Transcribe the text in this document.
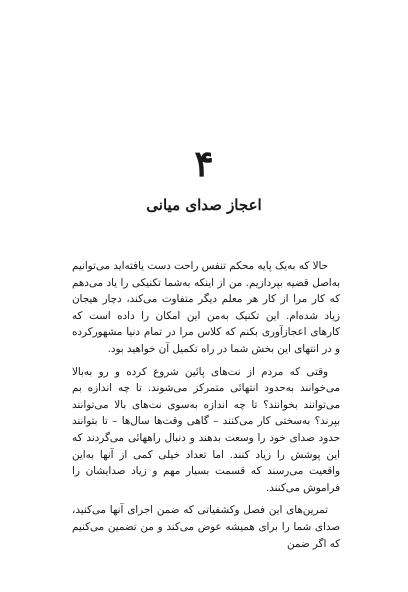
۴
اعجاز صدای میانی

حالا که به‌یک پایه محکم تنفس راحت دست یافته‌اید می‌توانیم به‌اصل قضیه بپردازیم. من از اینکه به‌شما تکنیکی را یاد می‌دهم که کار مرا از کار هر معلم دیگر متفاوت می‌کند، دچار هیجان زیاد شده‌ام. این تکنیک به‌من این امکان را داده است که کارهای اعجازآوری بکنم که کلاس مرا در تمام دنیا مشهورکرده و در انتهای این بخش شما در راه تکمیل آن خواهید بود.

وقتی که مردم از نت‌های پائین شروع کرده و رو به‌بالا می‌خوانند به‌حدود انتهائی متمرکز می‌شوند. تا چه اندازه بم می‌توانند بخوانند؟ تا چه اندازه به‌سوی نت‌های بالا می‌توانند بپرند؟ به‌سختی کار می‌کنند – گاهی وقت‌ها سال‌ها – تا بتوانند حدود صدای خود را وسعت بدهند و دنبال راههائی می‌گردند که این پوشش را زیاد کنند. اما تعداد خیلی کمی از آنها به‌این واقعیت می‌رسند که قسمت بسیار مهم و زیاد صدایشان را فراموش می‌کنند.

تمرین‌های این فصل وکشفیاتی که ضمن اجرای آنها می‌کنید، صدای شما را برای همیشه عوض می‌کند و من تضمین می‌کنیم که اگر ضمن
